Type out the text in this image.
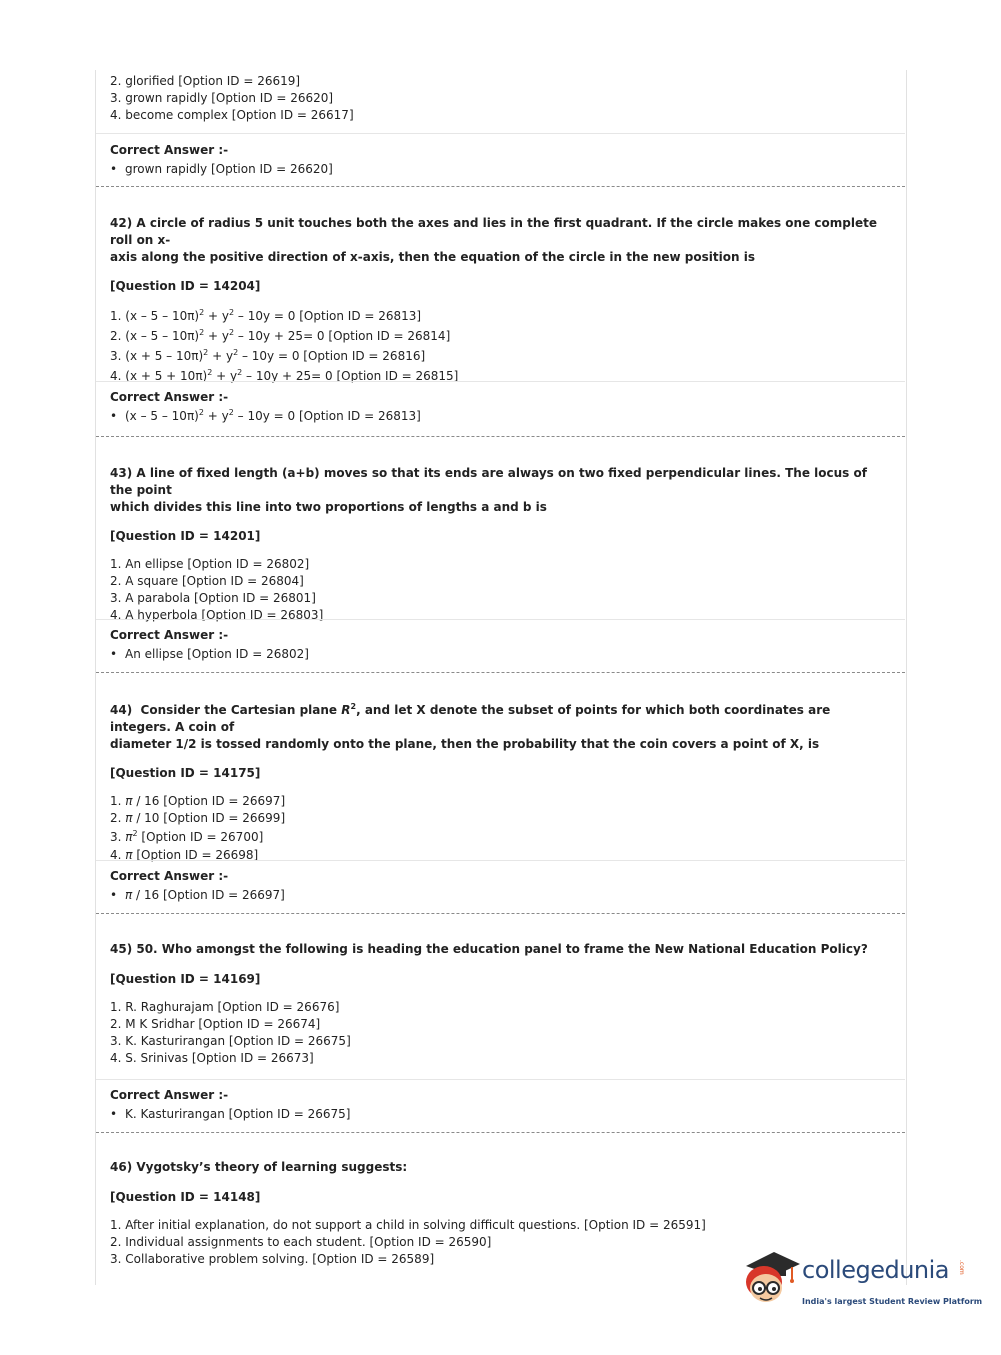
2. glorified [Option ID = 26619]
3. grown rapidly [Option ID = 26620]
4. become complex [Option ID = 26617]
Correct Answer :-
• grown rapidly [Option ID = 26620]
42) A circle of radius 5 unit touches both the axes and lies in the first quadrant. If the circle makes one complete roll on x-
axis along the positive direction of x-axis, then the equation of the circle in the new position is
[Question ID = 14204]
1. $(x - 5 - 10\pi)^2 + y^2 - 10y = 0$ [Option ID = 26813]
2. $(x - 5 - 10\pi)^2 + y^2 - 10y + 25= 0$ [Option ID = 26814]
3. $(x + 5 - 10\pi)^2 + y^2 - 10y = 0$ [Option ID = 26816]
4. $(x + 5 + 10\pi)^2 + y^2 - 10y + 25= 0$ [Option ID = 26815]
Correct Answer :-
• $(x - 5 - 10\pi)^2 + y^2 - 10y = 0$ [Option ID = 26813]
43) A line of fixed length (a+b) moves so that its ends are always on two fixed perpendicular lines. The locus of the point
which divides this line into two proportions of lengths a and b is
[Question ID = 14201]
1. An ellipse [Option ID = 26802]
2. A square [Option ID = 26804]
3. A parabola [Option ID = 26801]
4. A hyperbola [Option ID = 26803]
Correct Answer :-
• An ellipse [Option ID = 26802]
44) Consider the Cartesian plane $R^2$, and let X denote the subset of points for which both coordinates are integers. A coin of
diameter 1/2 is tossed randomly onto the plane, then the probability that the coin covers a point of X, is
[Question ID = 14175]
1. π / 16 [Option ID = 26697]
2. π / 10 [Option ID = 26699]
3. $\pi^2$ [Option ID = 26700]
4. π [Option ID = 26698]
Correct Answer :-
• π / 16 [Option ID = 26697]
45) 50. Who amongst the following is heading the education panel to frame the New National Education Policy?
[Question ID = 14169]
1. R. Raghurajam [Option ID = 26676]
2. M K Sridhar [Option ID = 26674]
3. K. Kasturirangan [Option ID = 26675]
4. S. Srinivas [Option ID = 26673]
Correct Answer :-
• K. Kasturirangan [Option ID = 26675]
46) Vygotsky’s theory of learning suggests:
[Question ID = 14148]
1. After initial explanation, do not support a child in solving difficult questions. [Option ID = 26591]
2. Individual assignments to each student. [Option ID = 26590]
3. Collaborative problem solving. [Option ID = 26589]	collegedunia .com
India's largest Student Review Platform
